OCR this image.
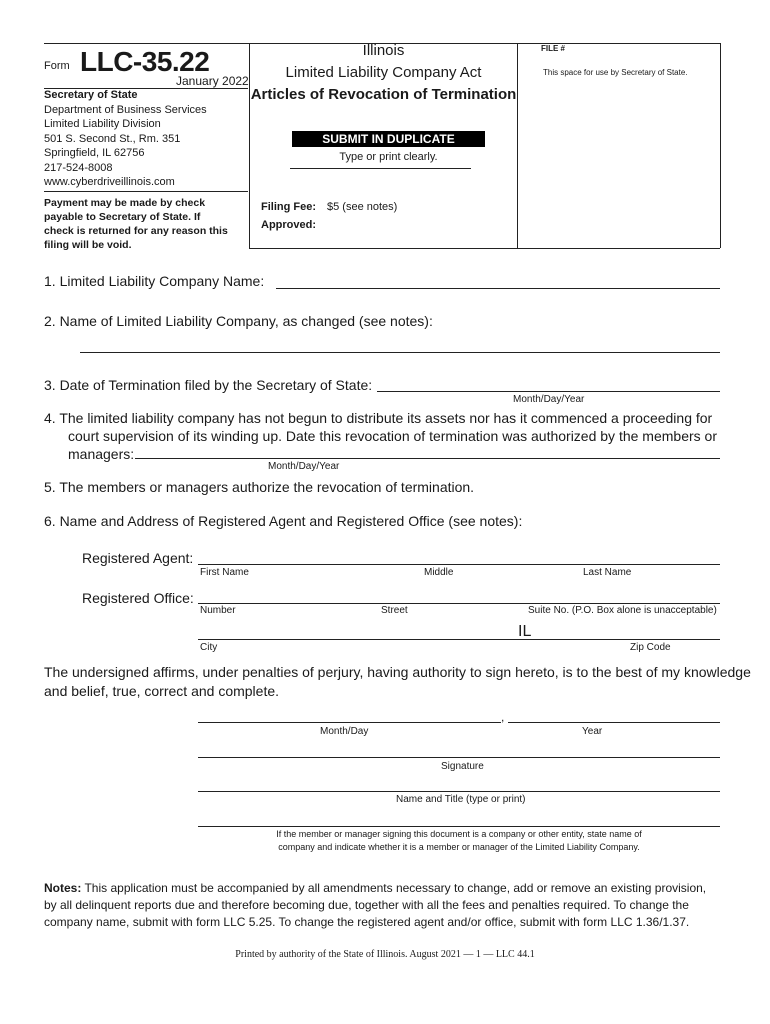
Form LLC-35.22
January 2022
Secretary of State
Department of Business Services
Limited Liability Division
501 S. Second St., Rm. 351
Springfield, IL 62756
217-524-8008
www.cyberdriveillinois.com
Payment may be made by check
payable to Secretary of State. If
check is returned for any reason this
filing will be void.
Illinois
Limited Liability Company Act
Articles of Revocation of Termination
SUBMIT IN DUPLICATE
Type or print clearly.
Filing Fee: $5 (see notes)
Approved:
FILE #
This space for use by Secretary of State.
1. Limited Liability Company Name:
2. Name of Limited Liability Company, as changed (see notes):
3. Date of Termination filed by the Secretary of State:
Month/Day/Year
4. The limited liability company has not begun to distribute its assets nor has it commenced a proceeding for
court supervision of its winding up. Date this revocation of termination was authorized by the members or
managers:
Month/Day/Year
5. The members or managers authorize the revocation of termination.
6. Name and Address of Registered Agent and Registered Office (see notes):
Registered Agent:
First Name	Middle	Last Name
Registered Office:
Number	Street	Suite No. (P.O. Box alone is unacceptable)
IL
City	Zip Code
The undersigned affirms, under penalties of perjury, having authority to sign hereto, is to the best of my knowledge
and belief, true, correct and complete.
,
Month/Day	Year
Signature
Name and Title (type or print)
If the member or manager signing this document is a company or other entity, state name of
company and indicate whether it is a member or manager of the Limited Liability Company.
Notes: This application must be accompanied by all amendments necessary to change, add or remove an existing provision,
by all delinquent reports due and therefore becoming due, together with all the fees and penalties required. To change the
company name, submit with form LLC 5.25. To change the registered agent and/or office, submit with form LLC 1.36/1.37.
Printed by authority of the State of Illinois. August 2021 — 1 — LLC 44.1
